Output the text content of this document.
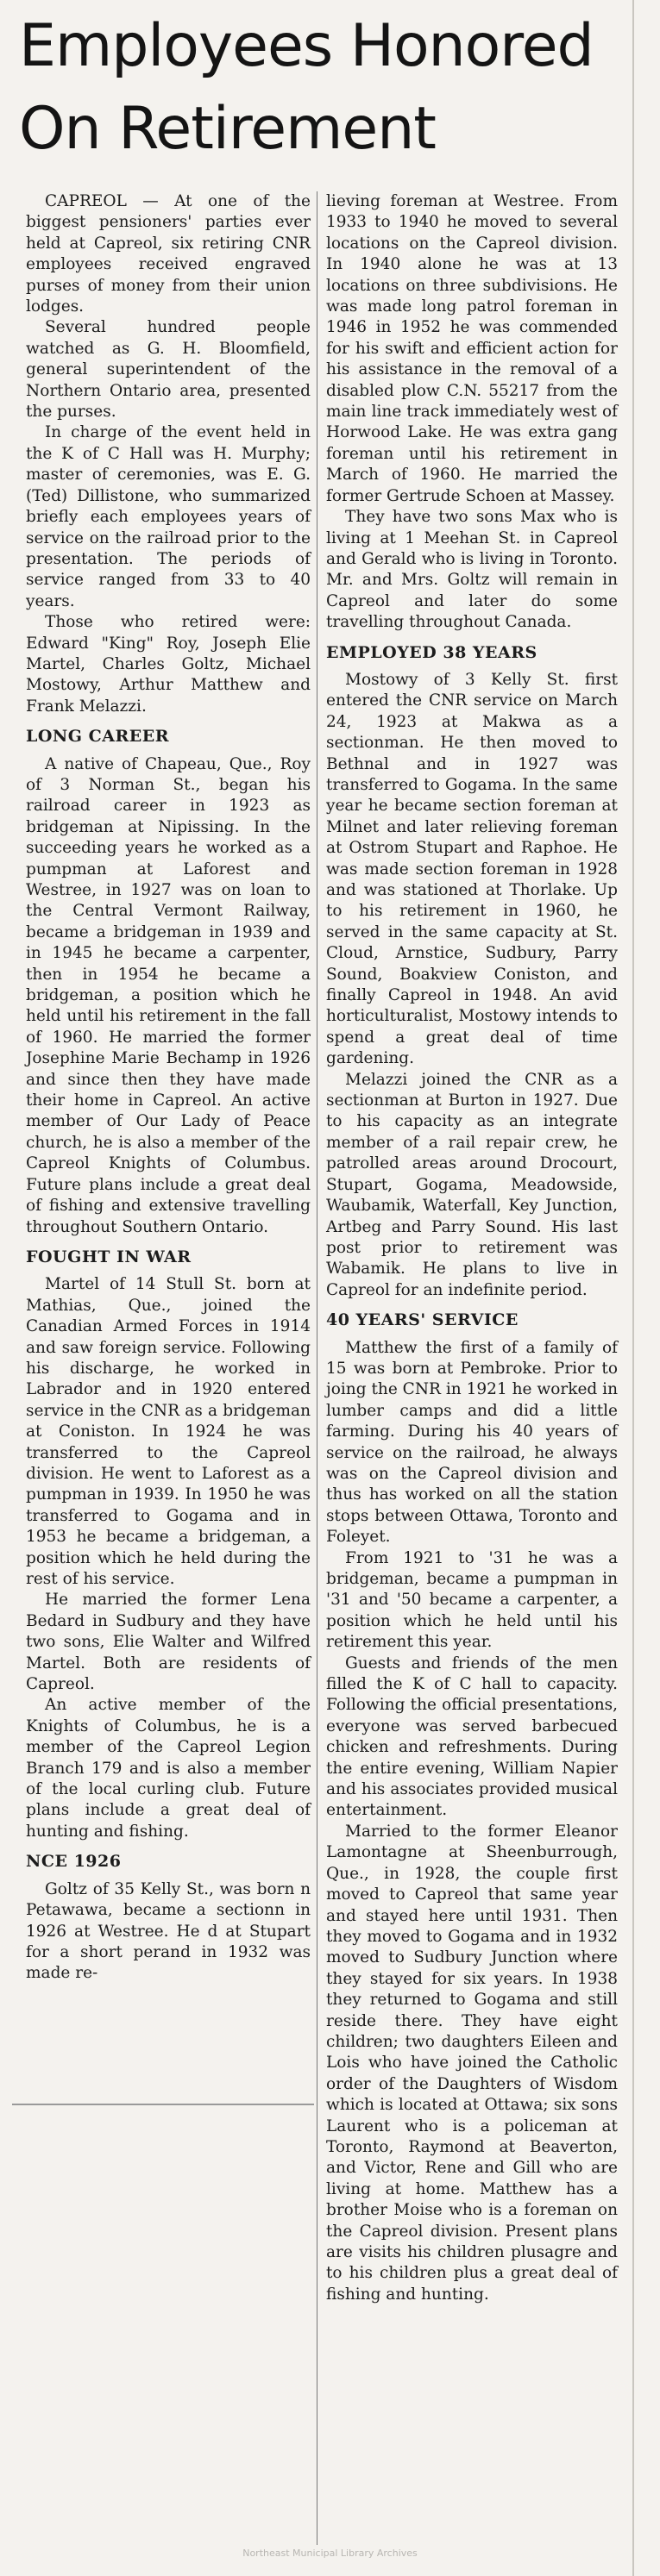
Employees Honored On Retirement

CAPREOL — At one of the biggest pensioners' parties ever held at Capreol, six retiring CNR employees received engraved purses of money from their union lodges.

Several hundred people watched as G. H. Bloomfield, general superintendent of the Northern Ontario area, presented the purses.

In charge of the event held in the K of C Hall was H. Murphy; master of ceremonies, was E. G. (Ted) Dillistone, who summarized briefly each employees years of service on the railroad prior to the presentation. The periods of service ranged from 33 to 40 years.

Those who retired were: Edward "King" Roy, Joseph Elie Martel, Charles Goltz, Michael Mostowy, Arthur Matthew and Frank Melazzi.

LONG CAREER

A native of Chapeau, Que., Roy of 3 Norman St., began his railroad career in 1923 as bridgeman at Nipissing. In the succeeding years he worked as a pumpman at Laforest and Westree, in 1927 was on loan to the Central Vermont Railway, became a bridgeman in 1939 and in 1945 he became a carpenter, then in 1954 he became a bridgeman, a position which he held until his retirement in the fall of 1960. He married the former Josephine Marie Bechamp in 1926 and since then they have made their home in Capreol. An active member of Our Lady of Peace church, he is also a member of the Capreol Knights of Columbus. Future plans include a great deal of fishing and extensive travelling throughout Southern Ontario.

FOUGHT IN WAR

Martel of 14 Stull St. born at Mathias, Que., joined the Canadian Armed Forces in 1914 and saw foreign service. Following his discharge, he worked in Labrador and in 1920 entered service in the CNR as a bridgeman at Coniston. In 1924 he was transferred to the Capreol division. He went to Laforest as a pumpman in 1939. In 1950 he was transferred to Gogama and in 1953 he became a bridgeman, a position which he held during the rest of his service.

He married the former Lena Bedard in Sudbury and they have two sons, Elie Walter and Wilfred Martel. Both are residents of Capreol.

An active member of the Knights of Columbus, he is a member of the Capreol Legion Branch 179 and is also a member of the local curling club. Future plans include a great deal of hunting and fishing.

NCE 1926

Goltz of 35 Kelly St., was born n Petawawa, became a sectionn in 1926 at Westree. He d at Stupart for a short perand in 1932 was made re-

lieving foreman at Westree. From 1933 to 1940 he moved to several locations on the Capreol division. In 1940 alone he was at 13 locations on three subdivisions. He was made long patrol foreman in 1946 in 1952 he was commended for his swift and efficient action for his assistance in the removal of a disabled plow C.N. 55217 from the main line track immediately west of Horwood Lake. He was extra gang foreman until his retirement in March of 1960. He married the former Gertrude Schoen at Massey.

They have two sons Max who is living at 1 Meehan St. in Capreol and Gerald who is living in Toronto. Mr. and Mrs. Goltz will remain in Capreol and later do some travelling throughout Canada.

EMPLOYED 38 YEARS

Mostowy of 3 Kelly St. first entered the CNR service on March 24, 1923 at Makwa as a sectionman. He then moved to Bethnal and in 1927 was transferred to Gogama. In the same year he became section foreman at Milnet and later relieving foreman at Ostrom Stupart and Raphoe. He was made section foreman in 1928 and was stationed at Thorlake. Up to his retirement in 1960, he served in the same capacity at St. Cloud, Arnstice, Sudbury, Parry Sound, Boakview Coniston, and finally Capreol in 1948. An avid horticulturalist, Mostowy intends to spend a great deal of time gardening.

Melazzi joined the CNR as a sectionman at Burton in 1927. Due to his capacity as an integrate member of a rail repair crew, he patrolled areas around Drocourt, Stupart, Gogama, Meadowside, Waubamik, Waterfall, Key Junction, Artbeg and Parry Sound. His last post prior to retirement was Wabamik. He plans to live in Capreol for an indefinite period.

40 YEARS' SERVICE

Matthew the first of a family of 15 was born at Pembroke. Prior to joing the CNR in 1921 he worked in lumber camps and did a little farming. During his 40 years of service on the railroad, he always was on the Capreol division and thus has worked on all the station stops between Ottawa, Toronto and Foleyet.

From 1921 to '31 he was a bridgeman, became a pumpman in '31 and '50 became a carpenter, a position which he held until his retirement this year.

Guests and friends of the men filled the K of C hall to capacity. Following the official presentations, everyone was served barbecued chicken and refreshments. During the entire evening, William Napier and his associates provided musical entertainment.

Married to the former Eleanor Lamontagne at Sheenburrough, Que., in 1928, the couple first moved to Capreol that same year and stayed here until 1931. Then they moved to Gogama and in 1932 moved to Sudbury Junction where they stayed for six years. In 1938 they returned to Gogama and still reside there. They have eight children; two daughters Eileen and Lois who have joined the Catholic order of the Daughters of Wisdom which is located at Ottawa; six sons Laurent who is a policeman at Toronto, Raymond at Beaverton, and Victor, Rene and Gill who are living at home. Matthew has a brother Moise who is a foreman on the Capreol division. Present plans are visits his children plusagre and to his children plus a great deal of fishing and hunting.

Northeast Municipal Library Archives
